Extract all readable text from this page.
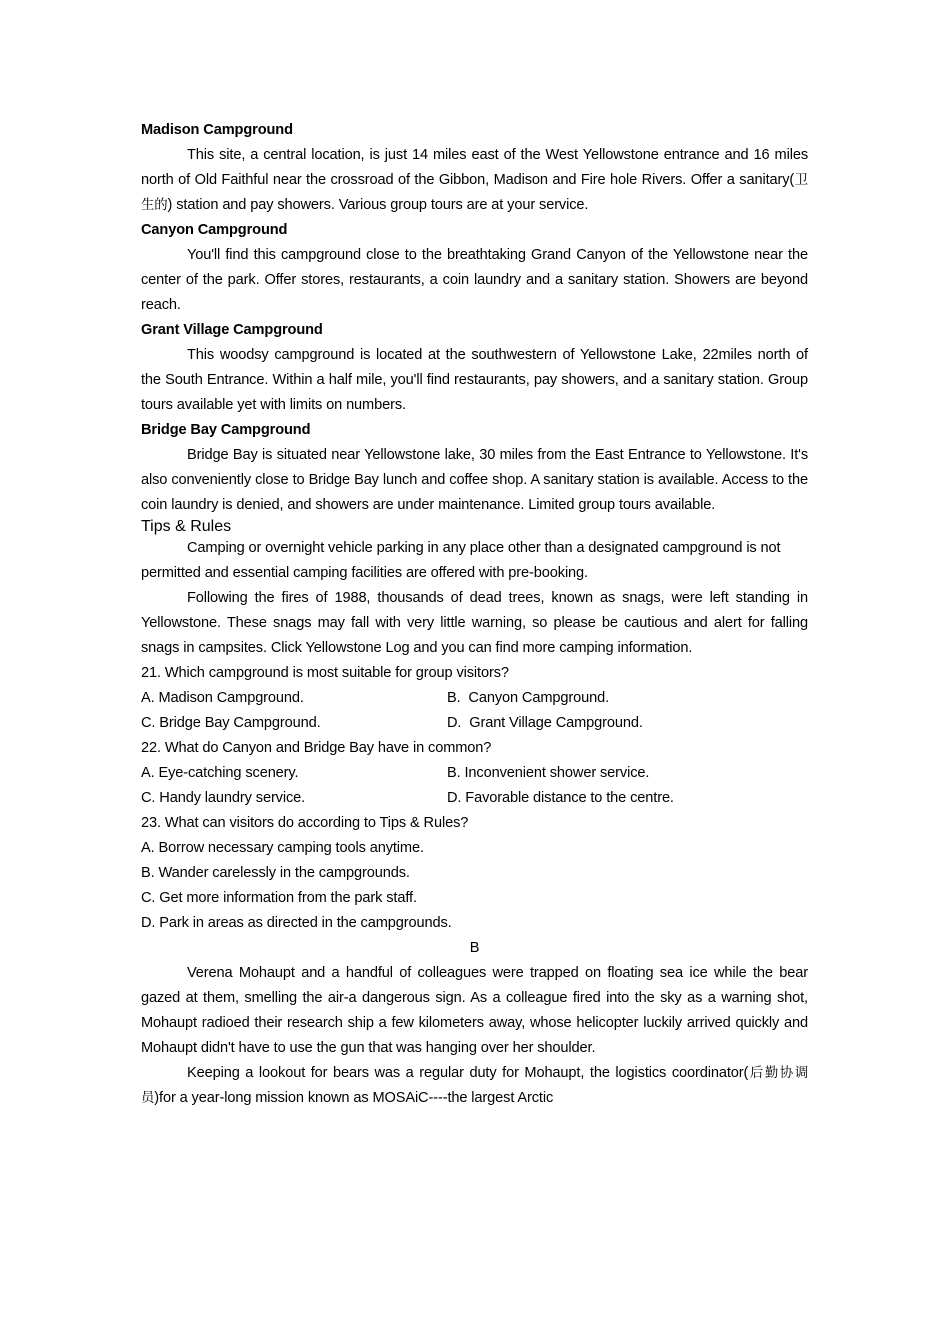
Madison Campground

This site, a central location, is just 14 miles east of the West Yellowstone entrance and 16 miles north of Old Faithful near the crossroad of the Gibbon, Madison and Fire hole Rivers. Offer a sanitary(卫生的) station and pay showers. Various group tours are at your service.

Canyon Campground

You'll find this campground close to the breathtaking Grand Canyon of the Yellowstone near the center of the park. Offer stores, restaurants, a coin laundry and a sanitary station. Showers are beyond reach.

Grant Village Campground

This woodsy campground is located at the southwestern of Yellowstone Lake, 22miles north of the South Entrance. Within a half mile, you'll find restaurants, pay showers, and a sanitary station. Group tours available yet with limits on numbers.

Bridge Bay Campground

Bridge Bay is situated near Yellowstone lake, 30 miles from the East Entrance to Yellowstone. It's also conveniently close to Bridge Bay lunch and coffee shop. A sanitary station is available. Access to the coin laundry is denied, and showers are under maintenance. Limited group tours available.

Tips & Rules

Camping or overnight vehicle parking in any place other than a designated campground is not permitted and essential camping facilities are offered with pre-booking.

Following the fires of 1988, thousands of dead trees, known as snags, were left standing in Yellowstone. These snags may fall with very little warning, so please be cautious and alert for falling snags in campsites. Click Yellowstone Log and you can find more camping information.

21. Which campground is most suitable for group visitors?

A. Madison Campground.	B.  Canyon Campground.
C. Bridge Bay Campground.	D.  Grant Village Campground.

22. What do Canyon and Bridge Bay have in common?

A. Eye-catching scenery.	B. Inconvenient shower service.
C. Handy laundry service.	D. Favorable distance to the centre.

23. What can visitors do according to Tips & Rules?

A. Borrow necessary camping tools anytime.

B. Wander carelessly in the campgrounds.

C. Get more information from the park staff.

D. Park in areas as directed in the campgrounds.

B

Verena Mohaupt and a handful of colleagues were trapped on floating sea ice while the bear gazed at them, smelling the air-a dangerous sign. As a colleague fired into the sky as a warning shot, Mohaupt radioed their research ship a few kilometers away, whose helicopter luckily arrived quickly and Mohaupt didn't have to use the gun that was hanging over her shoulder.

Keeping a lookout for bears was a regular duty for Mohaupt, the logistics coordinator(后勤协调员)for a year-long mission known as MOSAiC----the largest Arctic
